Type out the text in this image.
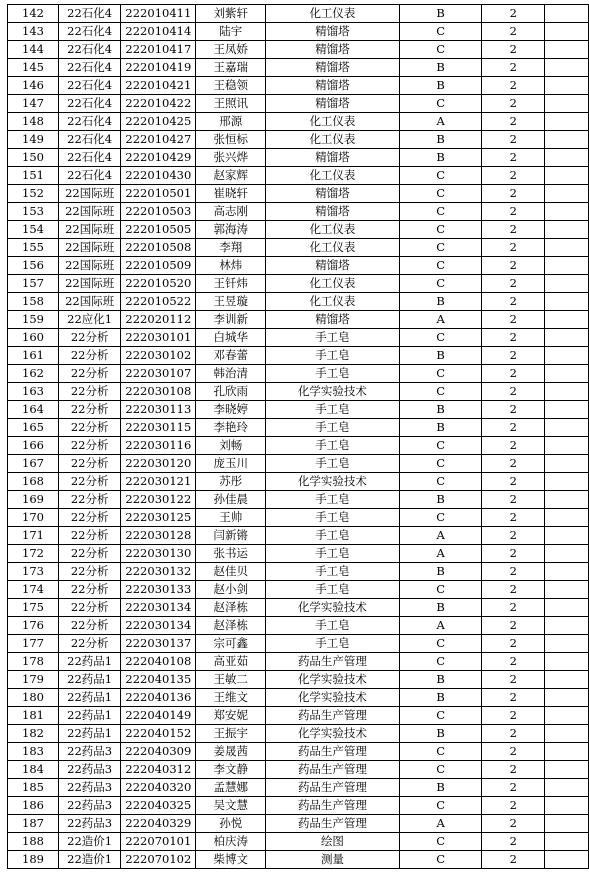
142	22石化4	222010411	刘紫轩	化工仪表	B	2	
143	22石化4	222010414	陆宇	精馏塔	C	2	
144	22石化4	222010417	王凤娇	精馏塔	C	2	
145	22石化4	222010419	王嘉瑞	精馏塔	B	2	
146	22石化4	222010421	王稳领	精馏塔	B	2	
147	22石化4	222010422	王照讯	精馏塔	C	2	
148	22石化4	222010425	邢源	化工仪表	A	2	
149	22石化4	222010427	张恒标	化工仪表	B	2	
150	22石化4	222010429	张兴烨	精馏塔	B	2	
151	22石化4	222010430	赵家辉	化工仪表	C	2	
152	22国际班	222010501	崔晓轩	精馏塔	C	2	
153	22国际班	222010503	高志刚	精馏塔	C	2	
154	22国际班	222010505	郭海涛	化工仪表	C	2	
155	22国际班	222010508	李翔	化工仪表	C	2	
156	22国际班	222010509	林炜	精馏塔	C	2	
157	22国际班	222010520	王钎炜	化工仪表	C	2	
158	22国际班	222010522	王昱璇	化工仪表	B	2	
159	22应化1	222020112	李训新	精馏塔	A	2	
160	22分析	222030101	白城华	手工皂	C	2	
161	22分析	222030102	邓春蕾	手工皂	B	2	
162	22分析	222030107	韩治清	手工皂	C	2	
163	22分析	222030108	孔欣雨	化学实验技术	C	2	
164	22分析	222030113	李晓婷	手工皂	B	2	
165	22分析	222030115	李艳玲	手工皂	B	2	
166	22分析	222030116	刘畅	手工皂	C	2	
167	22分析	222030120	庞玉川	手工皂	C	2	
168	22分析	222030121	苏彤	化学实验技术	C	2	
169	22分析	222030122	孙佳晨	手工皂	B	2	
170	22分析	222030125	王帅	手工皂	C	2	
171	22分析	222030128	闫新锵	手工皂	A	2	
172	22分析	222030130	张书运	手工皂	A	2	
173	22分析	222030132	赵佳贝	手工皂	B	2	
174	22分析	222030133	赵小剑	手工皂	C	2	
175	22分析	222030134	赵泽栋	化学实验技术	B	2	
176	22分析	222030134	赵泽栋	手工皂	A	2	
177	22分析	222030137	宗可鑫	手工皂	C	2	
178	22药品1	222040108	高亚茹	药品生产管理	C	2	
179	22药品1	222040135	王敏二	化学实验技术	B	2	
180	22药品1	222040136	王维文	化学实验技术	B	2	
181	22药品1	222040149	郑安妮	药品生产管理	C	2	
182	22药品1	222040152	王振宇	化学实验技术	B	2	
183	22药品3	222040309	姜晟茜	药品生产管理	C	2	
184	22药品3	222040312	李文静	药品生产管理	C	2	
185	22药品3	222040320	孟慧娜	药品生产管理	B	2	
186	22药品3	222040325	吴文慧	药品生产管理	C	2	
187	22药品3	222040329	孙悦	药品生产管理	A	2	
188	22造价1	222070101	柏庆涛	绘图	C	2	
189	22造价1	222070102	柴博文	测量	C	2	
